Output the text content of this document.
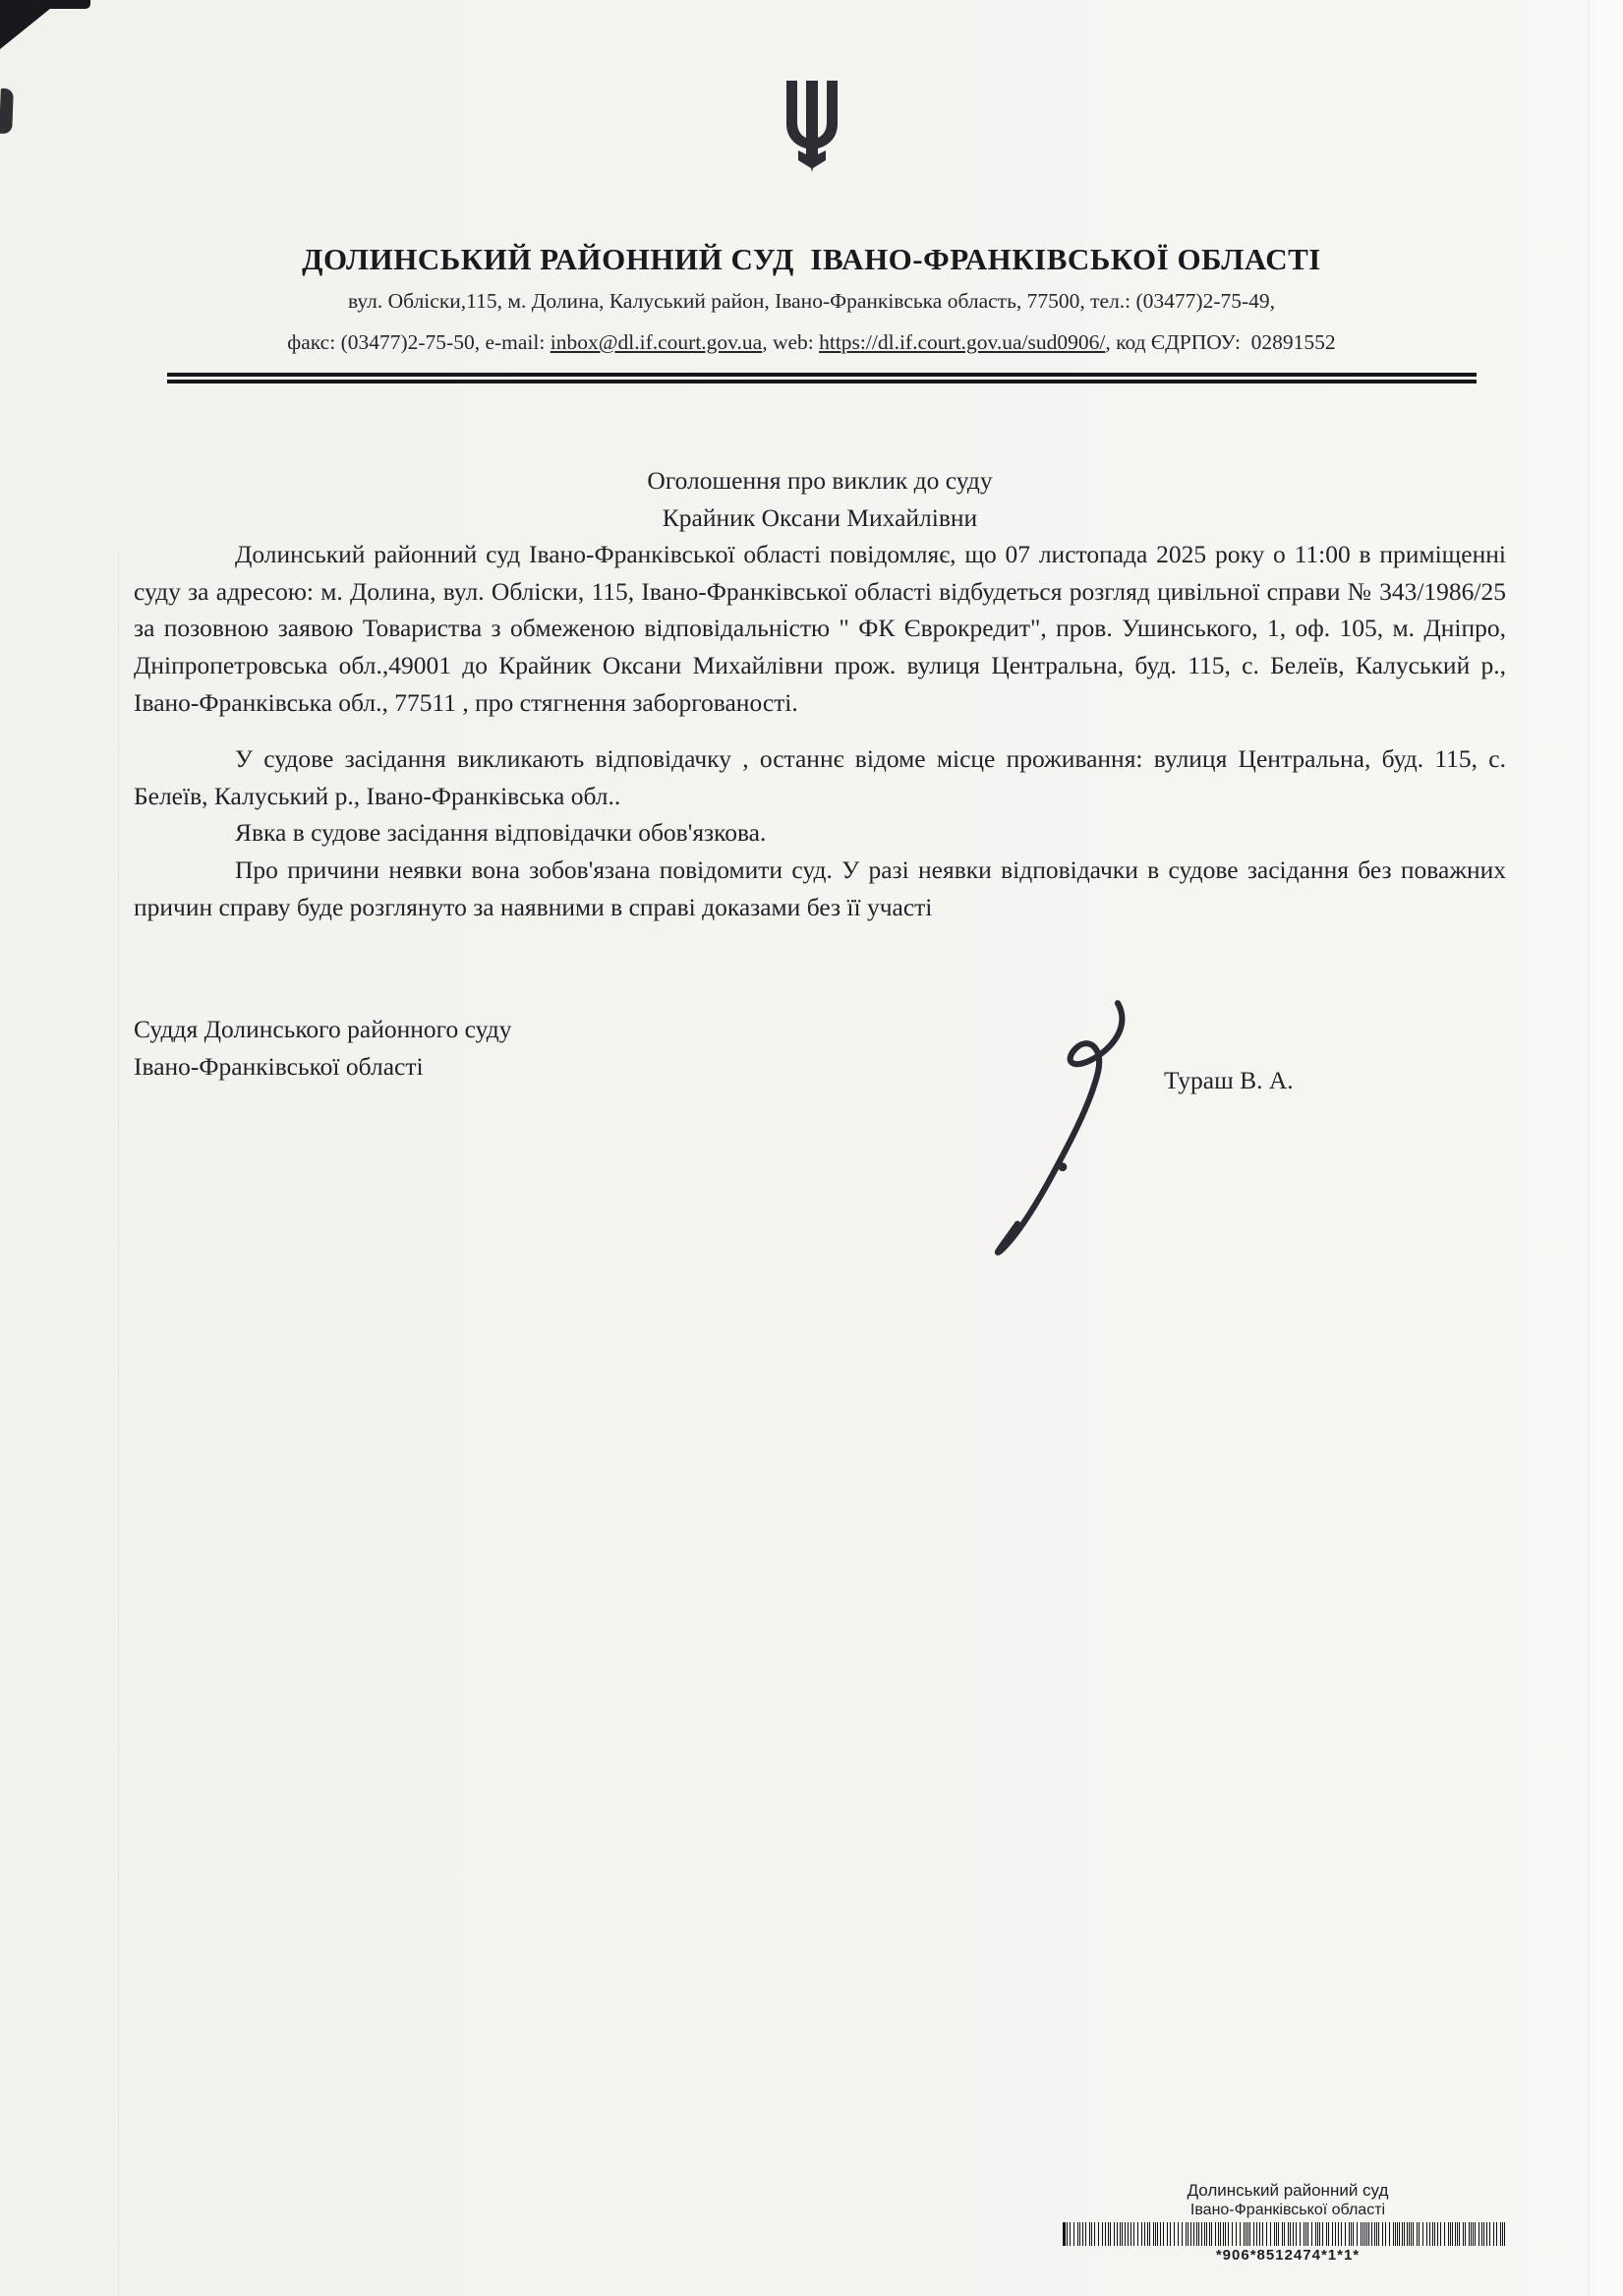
ДОЛИНСЬКИЙ РАЙОННИЙ СУД  ІВАНО-ФРАНКІВСЬКОЇ ОБЛАСТІ
вул. Обліски,115, м. Долина, Калуський район, Івано-Франківська область, 77500, тел.: (03477)2-75-49,
факс: (03477)2-75-50, e-mail: inbox@dl.if.court.gov.ua, web: https://dl.if.court.gov.ua/sud0906/, код ЄДРПОУ:  02891552

Оголошення про виклик до суду

Крайник Оксани Михайлівни

Долинський районний суд Івано-Франківської області повідомляє, що 07 листопада 2025 року о 11:00 в приміщенні суду за адресою: м. Долина, вул. Обліски, 115, Івано-Франківської області відбудеться розгляд цивільної справи № 343/1986/25 за позовною заявою Товариства з обмеженою відповідальністю " ФК Єврокредит", пров. Ушинського, 1, оф. 105, м. Дніпро, Дніпропетровська обл.,49001 до Крайник Оксани Михайлівни прож. вулиця Центральна, буд. 115, с. Белеїв, Калуський р., Івано-Франківська обл., 77511 , про стягнення заборгованості.

У судове засідання викликають відповідачку , останнє відоме місце проживання: вулиця Центральна, буд. 115, с. Белеїв, Калуський р., Івано-Франківська обл..

Явка в судове засідання відповідачки обов'язкова.

Про причини неявки вона зобов'язана повідомити суд. У разі неявки відповідачки в судове засідання без поважних причин справу буде розглянуто за наявними в справі доказами без її участі

Суддя Долинського районного суду
Івано-Франківської області	Тураш В. А.
Долинський районний суд
Івано-Франківської області
*906*8512474*1*1*
